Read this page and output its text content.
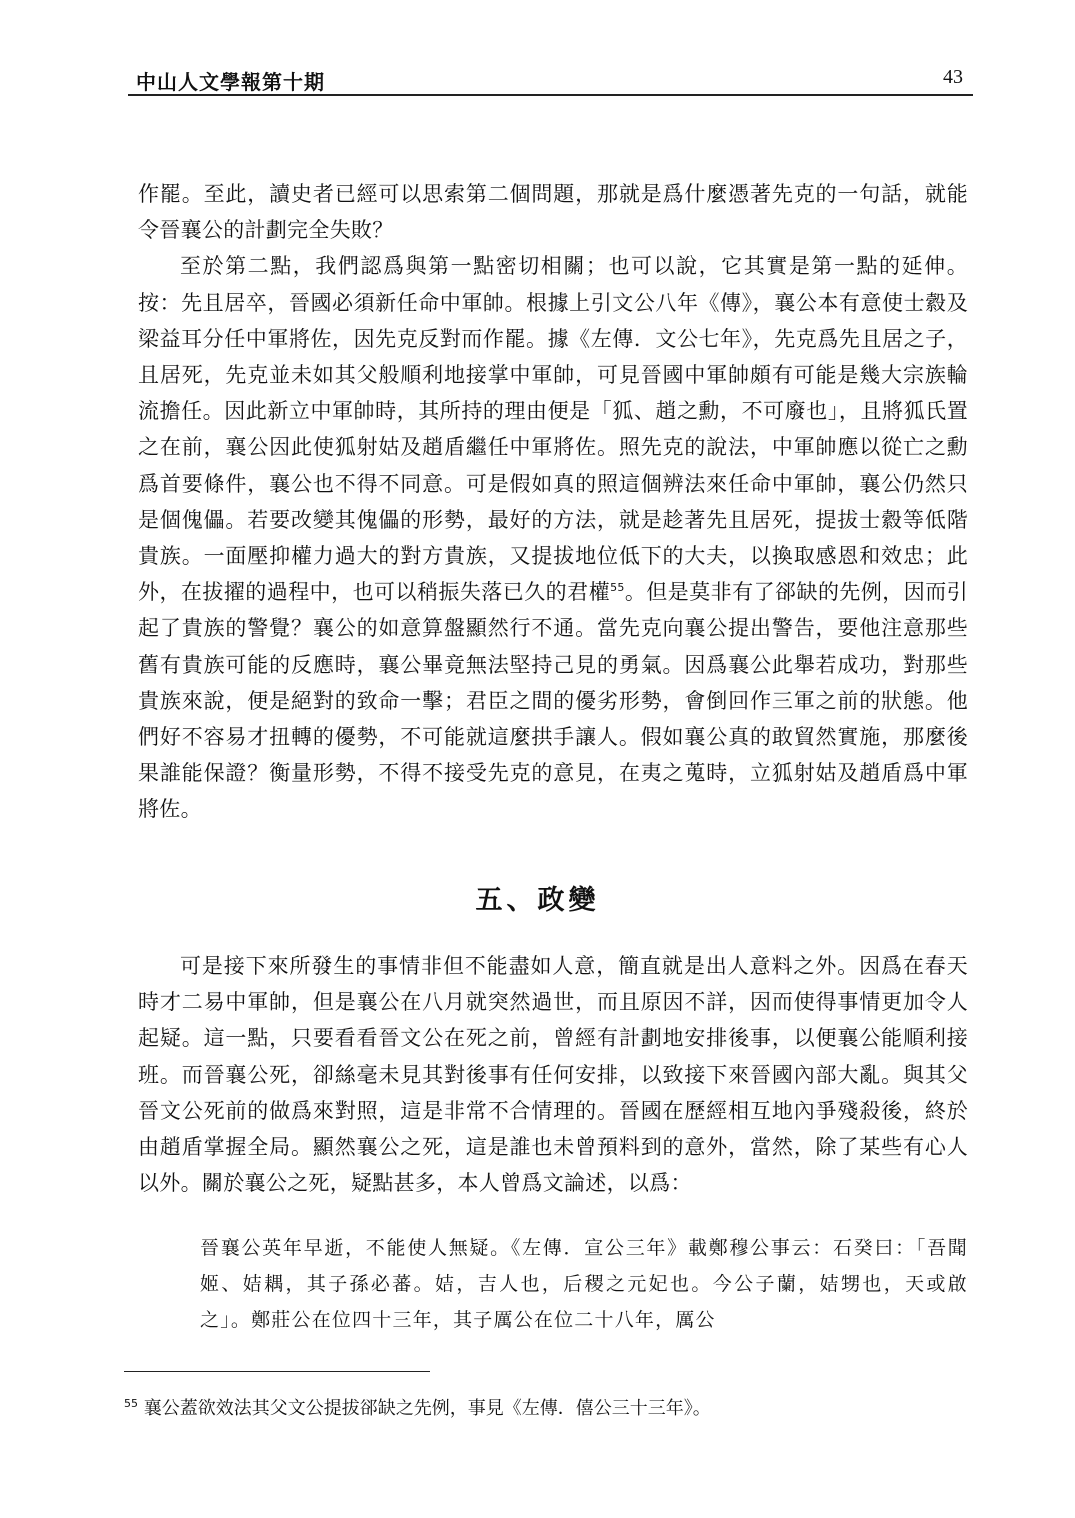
中山人文學報第十期	43

作罷。至此，讀史者已經可以思索第二個問題，那就是爲什麼憑著先克的一句話，就能令晉襄公的計劃完全失敗？

至於第二點，我們認爲與第一點密切相關；也可以說，它其實是第一點的延伸。按：先且居卒，晉國必須新任命中軍帥。根據上引文公八年《傳》，襄公本有意使士縠及梁益耳分任中軍將佐，因先克反對而作罷。據《左傳．文公七年》，先克爲先且居之子，且居死，先克並未如其父般順利地接掌中軍帥，可見晉國中軍帥頗有可能是幾大宗族輪流擔任。因此新立中軍帥時，其所持的理由便是「狐、趙之勳，不可廢也」，且將狐氏置之在前，襄公因此使狐射姑及趙盾繼任中軍將佐。照先克的說法，中軍帥應以從亡之勳爲首要條件，襄公也不得不同意。可是假如真的照這個辨法來任命中軍帥，襄公仍然只是個傀儡。若要改變其傀儡的形勢，最好的方法，就是趁著先且居死，提拔士縠等低階貴族。一面壓抑權力過大的對方貴族，又提拔地位低下的大夫，以換取感恩和效忠；此外，在拔擢的過程中，也可以稍振失落已久的君權$^{55}$。但是莫非有了郤缺的先例，因而引起了貴族的警覺？襄公的如意算盤顯然行不通。當先克向襄公提出警告，要他注意那些舊有貴族可能的反應時，襄公畢竟無法堅持己見的勇氣。因爲襄公此舉若成功，對那些貴族來說，便是絕對的致命一擊；君臣之間的優劣形勢，會倒回作三軍之前的狀態。他們好不容易才扭轉的優勢，不可能就這麼拱手讓人。假如襄公真的敢貿然實施，那麼後果誰能保證？衡量形勢，不得不接受先克的意見，在夷之蒐時，立狐射姑及趙盾爲中軍將佐。

五、政變

可是接下來所發生的事情非但不能盡如人意，簡直就是出人意料之外。因爲在春天時才二易中軍帥，但是襄公在八月就突然過世，而且原因不詳，因而使得事情更加令人起疑。這一點，只要看看晉文公在死之前，曾經有計劃地安排後事，以便襄公能順利接班。而晉襄公死，卻絲毫未見其對後事有任何安排，以致接下來晉國內部大亂。與其父晉文公死前的做爲來對照，這是非常不合情理的。晉國在歷經相互地內爭殘殺後，終於由趙盾掌握全局。顯然襄公之死，這是誰也未曾預料到的意外，當然，除了某些有心人以外。關於襄公之死，疑點甚多，本人曾爲文論述，以爲：

晉襄公英年早逝，不能使人無疑。《左傳．宣公三年》載鄭穆公事云：石癸曰：「吾聞姬、姞耦，其子孫必蕃。姞，吉人也，后稷之元妃也。今公子蘭，姞甥也，天或啟之」。鄭莊公在位四十三年，其子厲公在位二十八年，厲公
$^{55}$ 襄公蓋欲效法其父文公提拔郤缺之先例，事見《左傳．僖公三十三年》。
